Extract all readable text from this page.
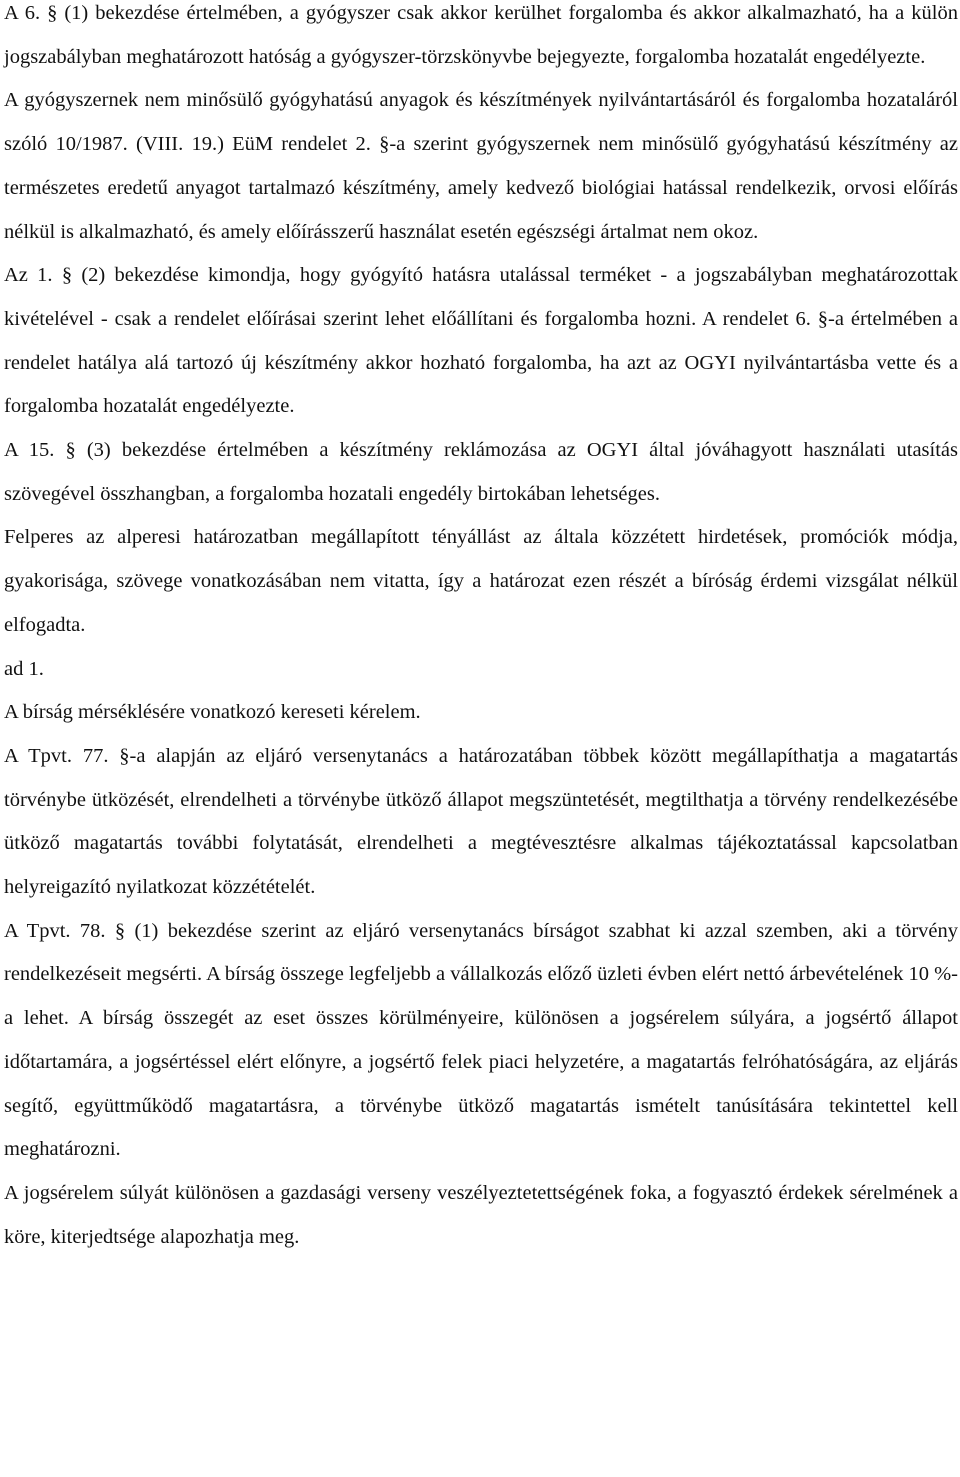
A 6. § (1) bekezdése értelmében, a gyógyszer csak akkor kerülhet forgalomba és akkor alkalmazható, ha a külön jogszabályban meghatározott hatóság a gyógyszer-törzskönyvbe bejegyezte, forgalomba hozatalát engedélyezte.

A gyógyszernek nem minősülő gyógyhatású anyagok és készítmények nyilvántartásáról és forgalomba hozataláról szóló 10/1987. (VIII. 19.) EüM rendelet 2. §-a szerint gyógyszernek nem minősülő gyógyhatású készítmény az természetes eredetű anyagot tartalmazó készítmény, amely kedvező biológiai hatással rendelkezik, orvosi előírás nélkül is alkalmazható, és amely előírásszerű használat esetén egészségi ártalmat nem okoz.

Az 1. § (2) bekezdése kimondja, hogy gyógyító hatásra utalással terméket - a jogszabályban meghatározottak kivételével - csak a rendelet előírásai szerint lehet előállítani és forgalomba hozni. A rendelet 6. §-a értelmében a rendelet hatálya alá tartozó új készítmény akkor hozható forgalomba, ha azt az OGYI nyilvántartásba vette és a forgalomba hozatalát engedélyezte.

A 15. § (3) bekezdése értelmében a készítmény reklámozása az OGYI által jóváhagyott használati utasítás szövegével összhangban, a forgalomba hozatali engedély birtokában lehetséges.

Felperes az alperesi határozatban megállapított tényállást az általa közzétett hirdetések, promóciók módja, gyakorisága, szövege vonatkozásában nem vitatta, így a határozat ezen részét a bíróság érdemi vizsgálat nélkül elfogadta.

ad 1.

A bírság mérséklésére vonatkozó kereseti kérelem.

A Tpvt. 77. §-a alapján az eljáró versenytanács a határozatában többek között megállapíthatja a magatartás törvénybe ütközését, elrendelheti a törvénybe ütköző állapot megszüntetését, megtilthatja a törvény rendelkezésébe ütköző magatartás további folytatását, elrendelheti a megtévesztésre alkalmas tájékoztatással kapcsolatban helyreigazító nyilatkozat közzétételét.

A Tpvt. 78. § (1) bekezdése szerint az eljáró versenytanács bírságot szabhat ki azzal szemben, aki a törvény rendelkezéseit megsérti. A bírság összege legfeljebb a vállalkozás előző üzleti évben elért nettó árbevételének 10 %-a lehet. A bírság összegét az eset összes körülményeire, különösen a jogsérelem súlyára, a jogsértő állapot időtartamára, a jogsértéssel elért előnyre, a jogsértő felek piaci helyzetére, a magatartás felróhatóságára, az eljárás segítő, együttműködő magatartásra, a törvénybe ütköző magatartás ismételt tanúsítására tekintettel kell meghatározni.

A jogsérelem súlyát különösen a gazdasági verseny veszélyeztetettségének foka, a fogyasztó érdekek sérelmének a köre, kiterjedtsége alapozhatja meg.
